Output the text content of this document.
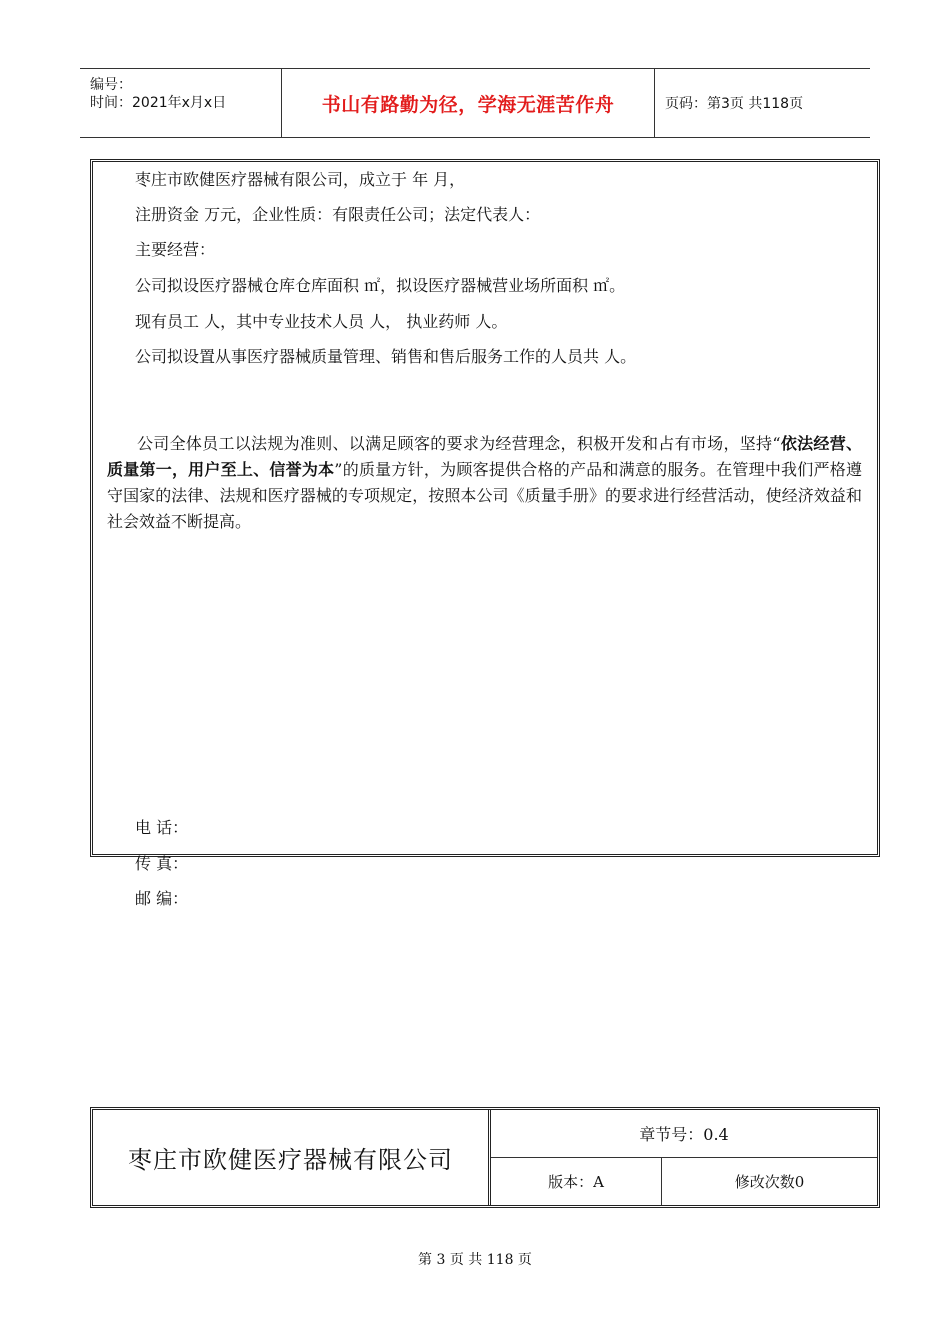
编号：
时间：2021年x月x日	书山有路勤为径，学海无涯苦作舟	页码：第3页 共118页
枣庄市欧健医疗器械有限公司，成立于 年 月，
注册资金 万元，企业性质：有限责任公司；法定代表人：
主要经营：
公司拟设医疗器械仓库仓库面积 ㎡，拟设医疗器械营业场所面积 ㎡。
现有员工 人，其中专业技术人员 人， 执业药师 人。
公司拟设置从事医疗器械质量管理、销售和售后服务工作的人员共 人。
公司全体员工以法规为准则、以满足顾客的要求为经营理念，积极开发和占有市场，坚持“依法经营、质量第一，用户至上、信誉为本”的质量方针，为顾客提供合格的产品和满意的服务。在管理中我们严格遵守国家的法律、法规和医疗器械的专项规定，按照本公司《质量手册》的要求进行经营活动，使经济效益和社会效益不断提高。
电 话：
传 真：
邮 编：
枣庄市欧健医疗器械有限公司
章节号：0.4
版本：A	修改次数0
第 3 页 共 118 页
